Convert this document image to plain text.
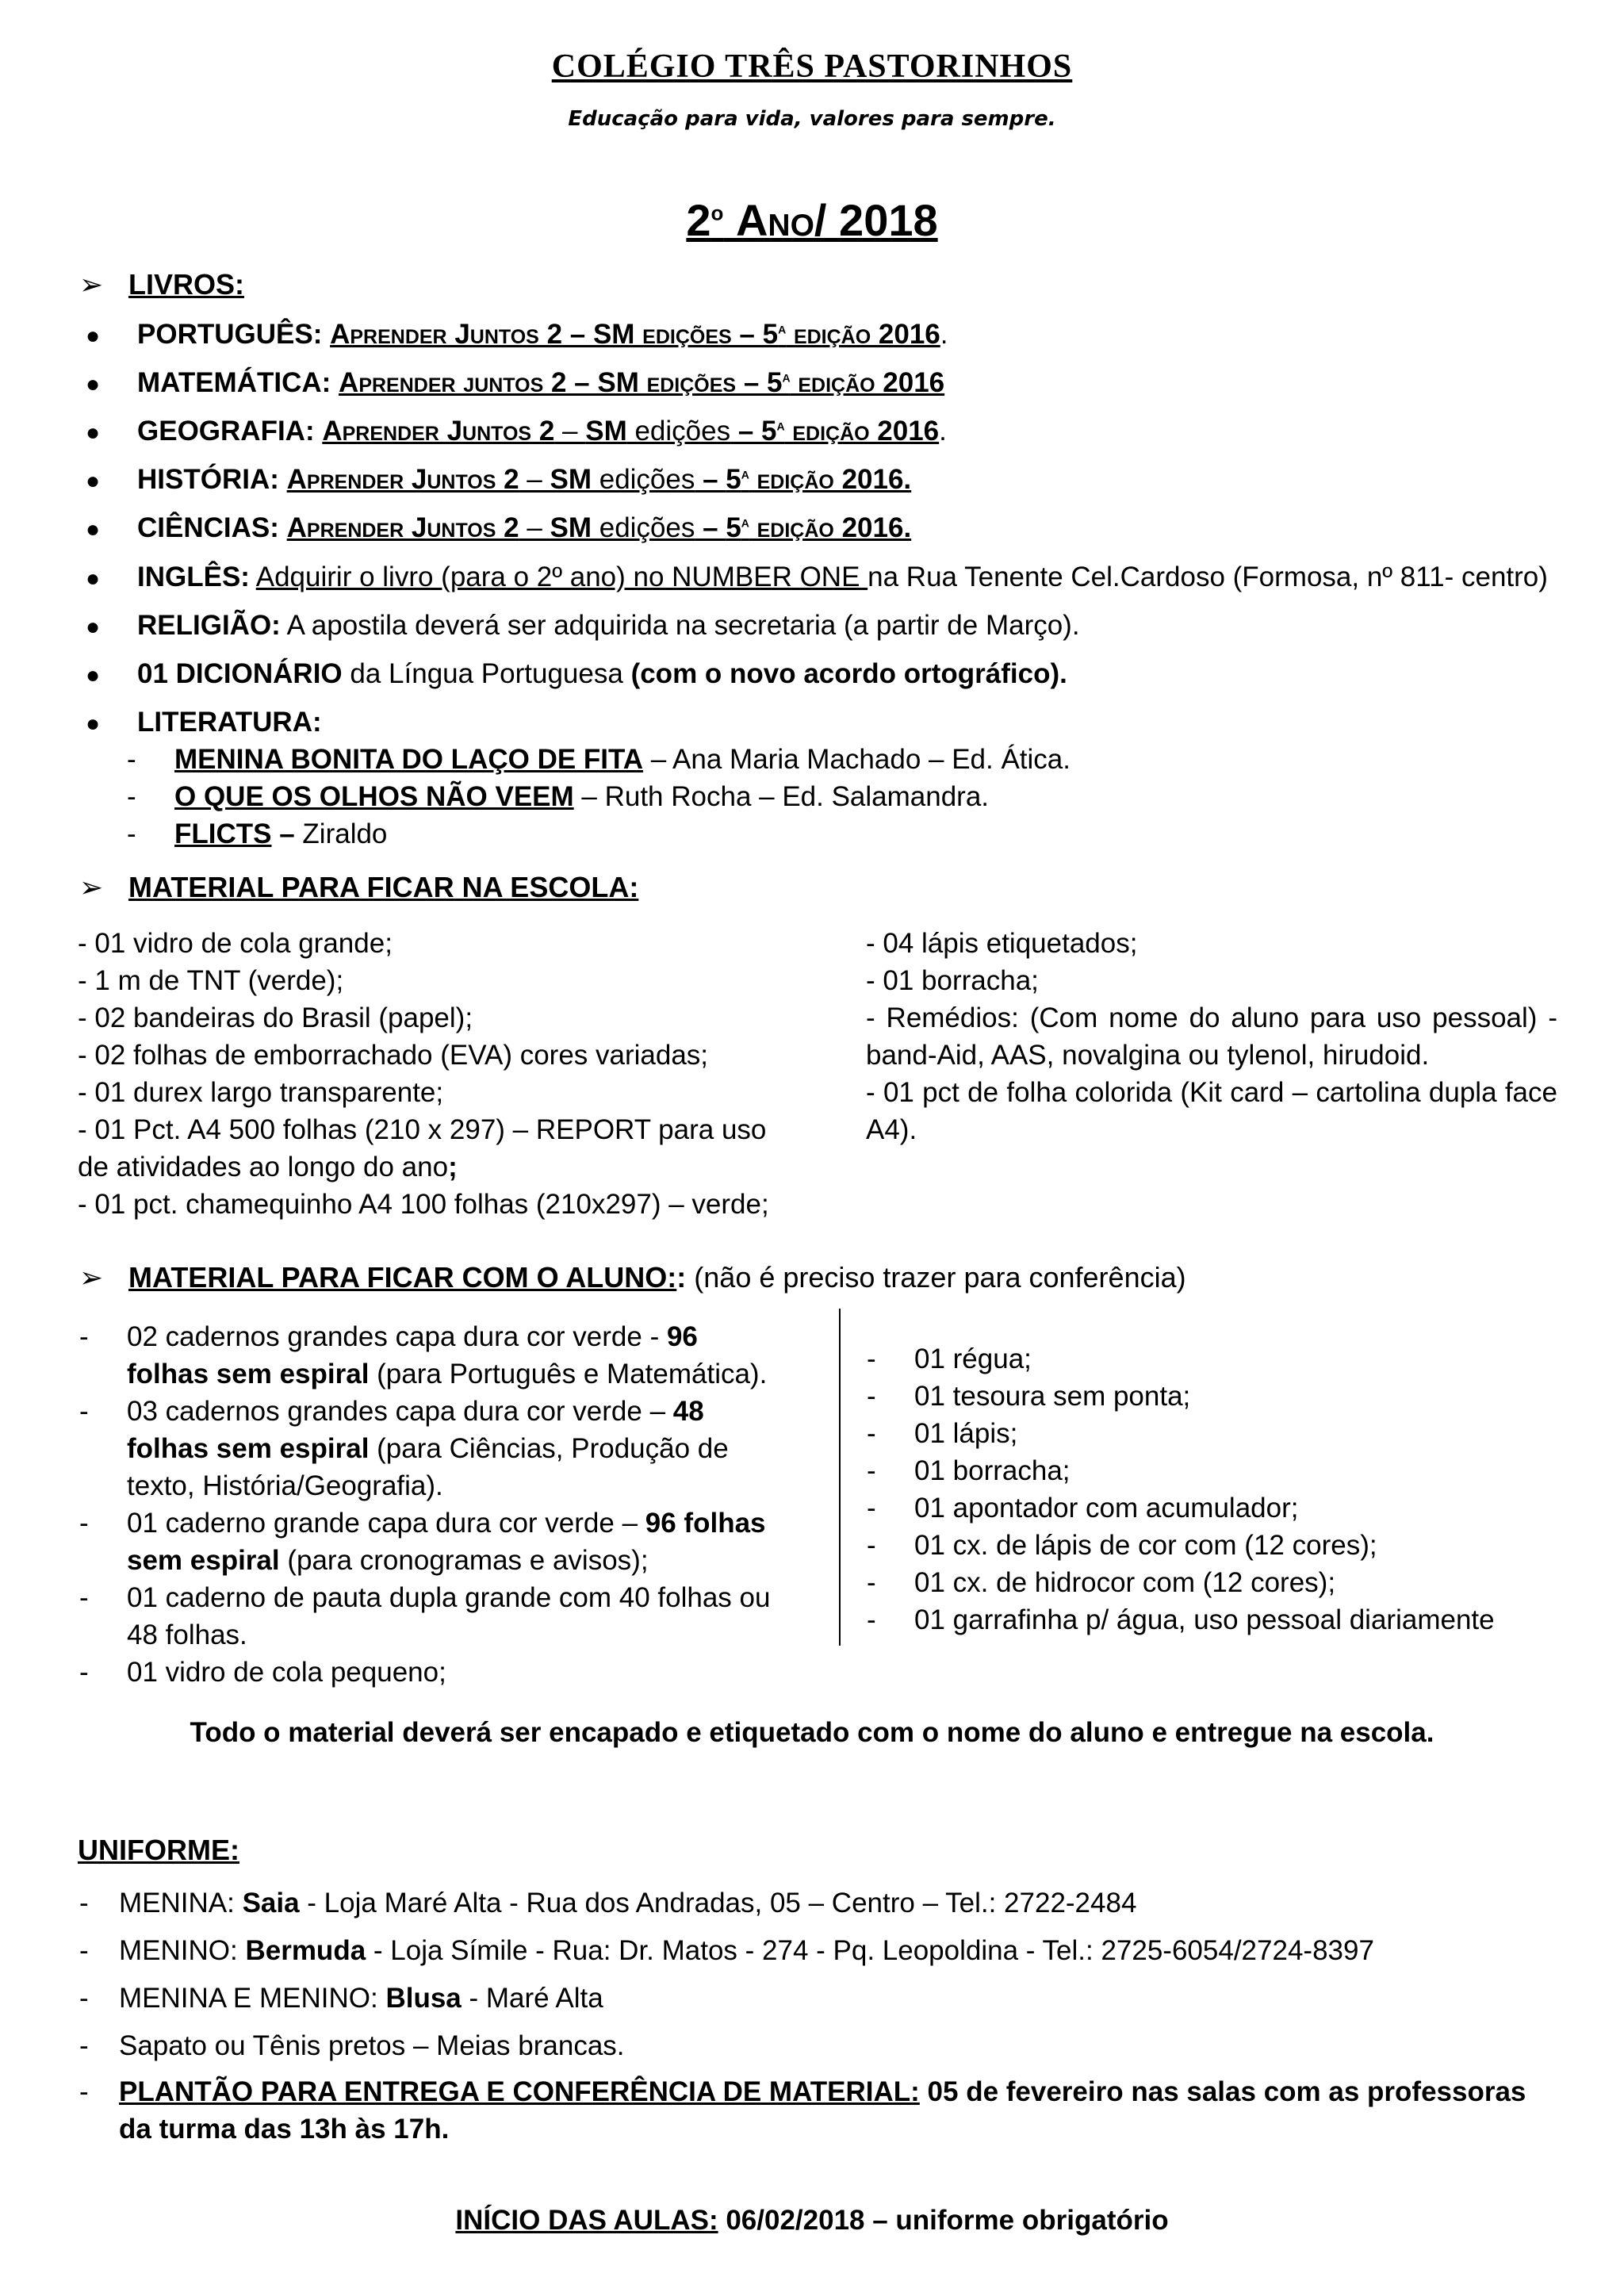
COLÉGIO TRÊS PASTORINHOS
Educação para vida, valores para sempre.
2$^o$ Ano/ 2018
➢ LIVROS:
● PORTUGUÊS: Aprender Juntos 2 – SM edições – 5$^a$ edição 2016.
● MATEMÁTICA: Aprender juntos 2 – SM edições – 5$^a$ edição 2016
● GEOGRAFIA: Aprender Juntos 2 – SM edições – 5$^a$ edição 2016.
● HISTÓRIA: Aprender Juntos 2 – SM edições – 5$^a$ edição 2016.
● CIÊNCIAS: Aprender Juntos 2 – SM edições – 5$^a$ edição 2016.
● INGLÊS: Adquirir o livro (para o 2º ano) no NUMBER ONE na Rua Tenente Cel.Cardoso (Formosa, nº 811- centro)
● RELIGIÃO: A apostila deverá ser adquirida na secretaria (a partir de Março).
● 01 DICIONÁRIO da Língua Portuguesa (com o novo acordo ortográfico).
● LITERATURA:
- MENINA BONITA DO LAÇO DE FITA – Ana Maria Machado – Ed. Ática.
- O QUE OS OLHOS NÃO VEEM – Ruth Rocha – Ed. Salamandra.
- FLICTS – Ziraldo
➢ MATERIAL PARA FICAR NA ESCOLA:
- 01 vidro de cola grande;
- 1 m de TNT (verde);
- 02 bandeiras do Brasil (papel);
- 02 folhas de emborrachado (EVA) cores variadas;
- 01 durex largo transparente;
- 01 Pct. A4 500 folhas (210 x 297) – REPORT para uso
de atividades ao longo do ano;
- 01 pct. chamequinho A4 100 folhas (210x297) – verde;
- 04 lápis etiquetados;
- 01 borracha;
- Remédios: (Com nome do aluno para uso pessoal) - band-Aid, AAS, novalgina ou tylenol, hirudoid.
- 01 pct de folha colorida (Kit card – cartolina dupla face A4).
➢ MATERIAL PARA FICAR COM O ALUNO:: (não é preciso trazer para conferência)
- 02 cadernos grandes capa dura cor verde - 96 folhas sem espiral (para Português e Matemática).
- 03 cadernos grandes capa dura cor verde – 48 folhas sem espiral (para Ciências, Produção de texto, História/Geografia).
- 01 caderno grande capa dura cor verde – 96 folhas sem espiral (para cronogramas e avisos);
- 01 caderno de pauta dupla grande com 40 folhas ou 48 folhas.
- 01 vidro de cola pequeno;
- 01 régua;
- 01 tesoura sem ponta;
- 01 lápis;
- 01 borracha;
- 01 apontador com acumulador;
- 01 cx. de lápis de cor com (12 cores);
- 01 cx. de hidrocor com (12 cores);
- 01 garrafinha p/ água, uso pessoal diariamente
Todo o material deverá ser encapado e etiquetado com o nome do aluno e entregue na escola.
UNIFORME:
- MENINA: Saia - Loja Maré Alta - Rua dos Andradas, 05 – Centro – Tel.: 2722-2484
- MENINO: Bermuda - Loja Símile - Rua: Dr. Matos - 274 - Pq. Leopoldina - Tel.: 2725-6054/2724-8397
- MENINA E MENINO: Blusa - Maré Alta
- Sapato ou Tênis pretos – Meias brancas.
- PLANTÃO PARA ENTREGA E CONFERÊNCIA DE MATERIAL: 05 de fevereiro nas salas com as professoras da turma das 13h às 17h.
INÍCIO DAS AULAS: 06/02/2018 – uniforme obrigatório
